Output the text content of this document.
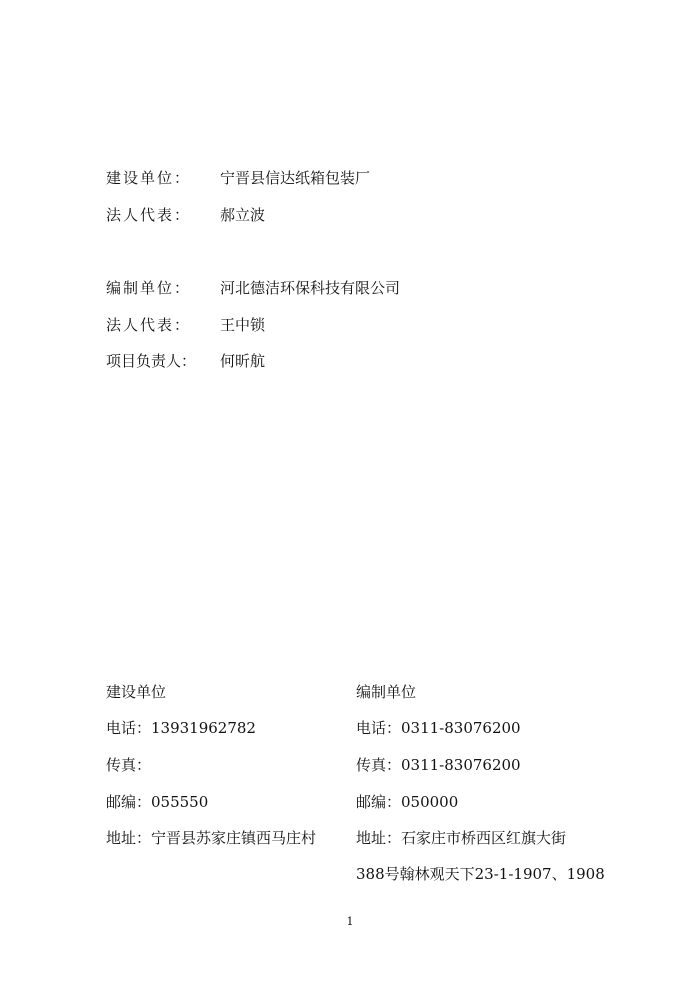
建设单位：	宁晋县信达纸箱包装厂
法人代表：	郝立波
编制单位：	河北德洁环保科技有限公司
法人代表：	王中锁
项目负责人：	何昕航
建设单位
电话：13931962782
传真：
邮编：055550
地址：宁晋县苏家庄镇西马庄村
编制单位
电话：0311-83076200
传真：0311-83076200
邮编：050000
地址：石家庄市桥西区红旗大街
388号翰林观天下23-1-1907、1908
1
